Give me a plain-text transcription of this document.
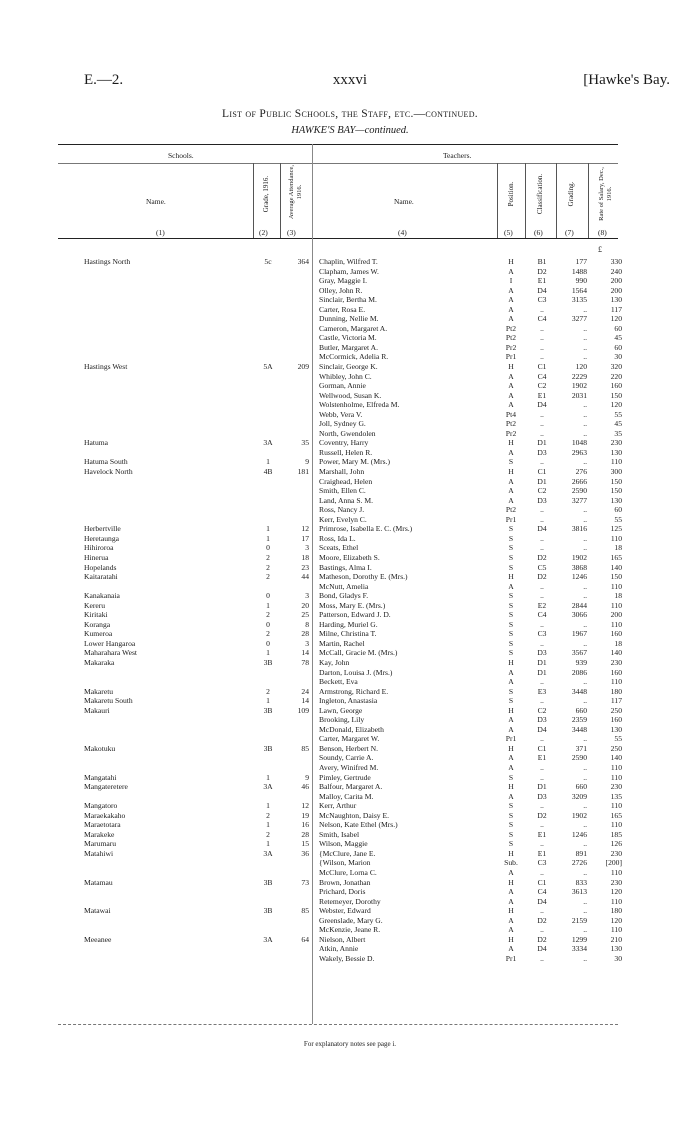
E.—2.	xxxvi	[Hawke's Bay.
List of Public Schools, the Staff, etc.—continued.
HAWKE'S BAY—continued.
Schools.	Teachers.
Name.	Grade, 1916.	Average Attendance, 1916.
Name.	Position.	Classification.	Grading.	Rate of Salary, Dec., 1916.
(1)	(2)	(3)	(4)	(5)	(6)	(7)	(8)
£
Hastings North	5c	364 Chaplin, Wilfred T.	H	B1	177	330
Clapham, James W.	A	D2	1488	240
Gray, Maggie I.	I	E1	990	200
Olley, John R.	A	D4	1564	200
Sinclair, Bertha M.	A	C3	3135	130
Carter, Rosa E.	A	..	..	117
Dunning, Nellie M.	A	C4	3277	120
Cameron, Margaret A.	Pt2	..	..	60
Castle, Victoria M.	Pt2	..	..	45
Butler, Margaret A.	Pr2	..	..	60
McCormick, Adelia R.	Pr1	..	..	30
Hastings West	5A	209 Sinclair, George K.	H	C1	120	320
Whibley, John C.	A	C4	2229	220
Gorman, Annie	A	C2	1902	160
Wellwood, Susan K.	A	E1	2031	150
Wolstenholme, Elfreda M.	A	D4	..	120
Webb, Vera V.	Pt4	..	..	55
Joll, Sydney G.	Pt2	..	..	45
North, Gwendolen	Pr2	..	..	35
Hatuma	3A	35 Coventry, Harry	H	D1	1048	230
Russell, Helen R.	A	D3	2963	130
Hatuma South	1	9 Power, Mary M. (Mrs.)	S	..	..	110
Havelock North	4B	181 Marshall, John	H	C1	276	300
Craighead, Helen	A	D1	2666	150
Smith, Ellen C.	A	C2	2590	150
Land, Anna S. M.	A	D3	3277	130
Ross, Nancy J.	Pt2	..	..	60
Kerr, Evelyn C.	Pr1	..	..	55
Herbertville	1	12 Primrose, Isabella E. C. (Mrs.)	S	D4	3816	125
Heretaunga	1	17 Ross, Ida L.	S	..	..	110
Hihiroroa	0	3 Sceats, Ethel	S	..	..	18
Hinerua	2	18 Moore, Elizabeth S.	S	D2	1902	165
Hopelands	2	23 Bastings, Alma I.	S	C5	3868	140
Kaitaratahi	2	44 Matheson, Dorothy E. (Mrs.)	H	D2	1246	150
McNutt, Amelia	A	..	..	110
Kanakanaia	0	3 Bond, Gladys F.	S	..	..	18
Kereru	1	20 Moss, Mary E. (Mrs.)	S	E2	2844	110
Kiritaki	2	25 Patterson, Edward J. D.	S	C4	3066	200
Koranga	0	8 Harding, Muriel G.	S	..	..	110
Kumeroa	2	28 Milne, Christina T.	S	C3	1967	160
Lower Hangaroa	0	3 Martin, Rachel	S	..	..	18
Maharahara West	1	14 McCall, Gracie M. (Mrs.)	S	D3	3567	140
Makaraka	3B	78 Kay, John	H	D1	939	230
Darton, Louisa J. (Mrs.)	A	D1	2086	160
Beckett, Eva	A	..	..	110
Makaretu	2	24 Armstrong, Richard E.	S	E3	3448	180
Makaretu South	1	14 Ingleton, Anastasia	S	..	..	117
Makauri	3B	109 Lawn, George	H	C2	660	250
Brooking, Lily	A	D3	2359	160
McDonald, Elizabeth	A	D4	3448	130
Carter, Margaret W.	Pr1	..	..	55
Makotuku	3B	85 Benson, Herbert N.	H	C1	371	250
Soundy, Carrie A.	A	E1	2590	140
Avery, Winifred M.	A	..	..	110
Mangatahi	1	9 Pimley, Gertrude	S	..	..	110
Mangateretere	3A	46 Balfour, Margaret A.	H	D1	660	230
Malloy, Carita M.	A	D3	3209	135
Mangatoro	1	12 Kerr, Arthur	S	..	..	110
Maraekakaho	2	19 McNaughton, Daisy E.	S	D2	1902	165
Maraetotara	1	16 Nelson, Kate Ethel (Mrs.)	S	..	..	110
Marakeke	2	28 Smith, Isabel	S	E1	1246	185
Marumaru	1	15 Wilson, Maggie	S	..	..	126
Matahiwi	3A	36 {McClure, Jane E.	H	E1	891	230
{Wilson, Marion	Sub.	C3	2726	[200]
McClure, Lorna C.	A	..	..	110
Matamau	3B	73 Brown, Jonathan	H	C1	833	230
Prichard, Doris	A	C4	3613	120
Retemeyer, Dorothy	A	D4	..	110
Matawai	3B	85 Webster, Edward	H	..	..	180
Greenslade, Mary G.	A	D2	2159	120
McKenzie, Jeane R.	A	..	..	110
Meeanee	3A	64 Nielson, Albert	H	D2	1299	210
Atkin, Annie	A	D4	3334	130
Wakely, Bessie D.	Pr1	..	..	30
For explanatory notes see page i.
